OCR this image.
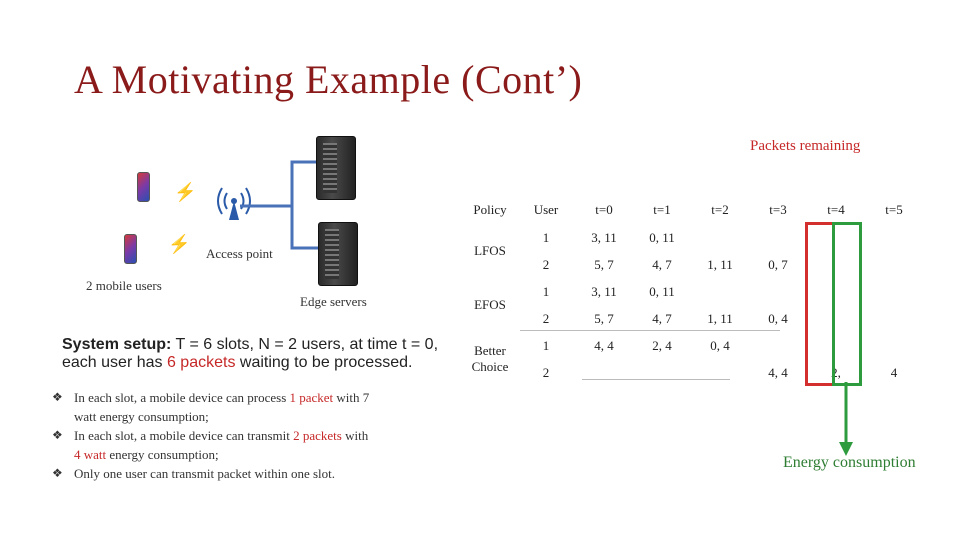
A Motivating Example (Cont’)
⚡
⚡ Access point
2 mobile users
Edge servers
System setup: T = 6 slots, N = 2 users, at time t = 0,
each user has 6 packets waiting to be processed.
❖ In each slot, a mobile device can process 1 packet with 7
watt energy consumption;
❖ In each slot, a mobile device can transmit 2 packets with
4 watt energy consumption;
❖ Only one user can transmit packet within one slot.
Packets remaining
Policy	User	t=0	t=1	t=2	t=3	t=4	t=5
LFOS	1	3, 11	0, 11				
	2	5, 7	4, 7	1, 11	0, 7		
EFOS	1	3, 11	0, 11				
	2	5, 7	4, 7	1, 11	0, 4		
Better Choice	1	4, 4	2, 4	0, 4			
	2				4, 4	2,	4
Energy consumption
